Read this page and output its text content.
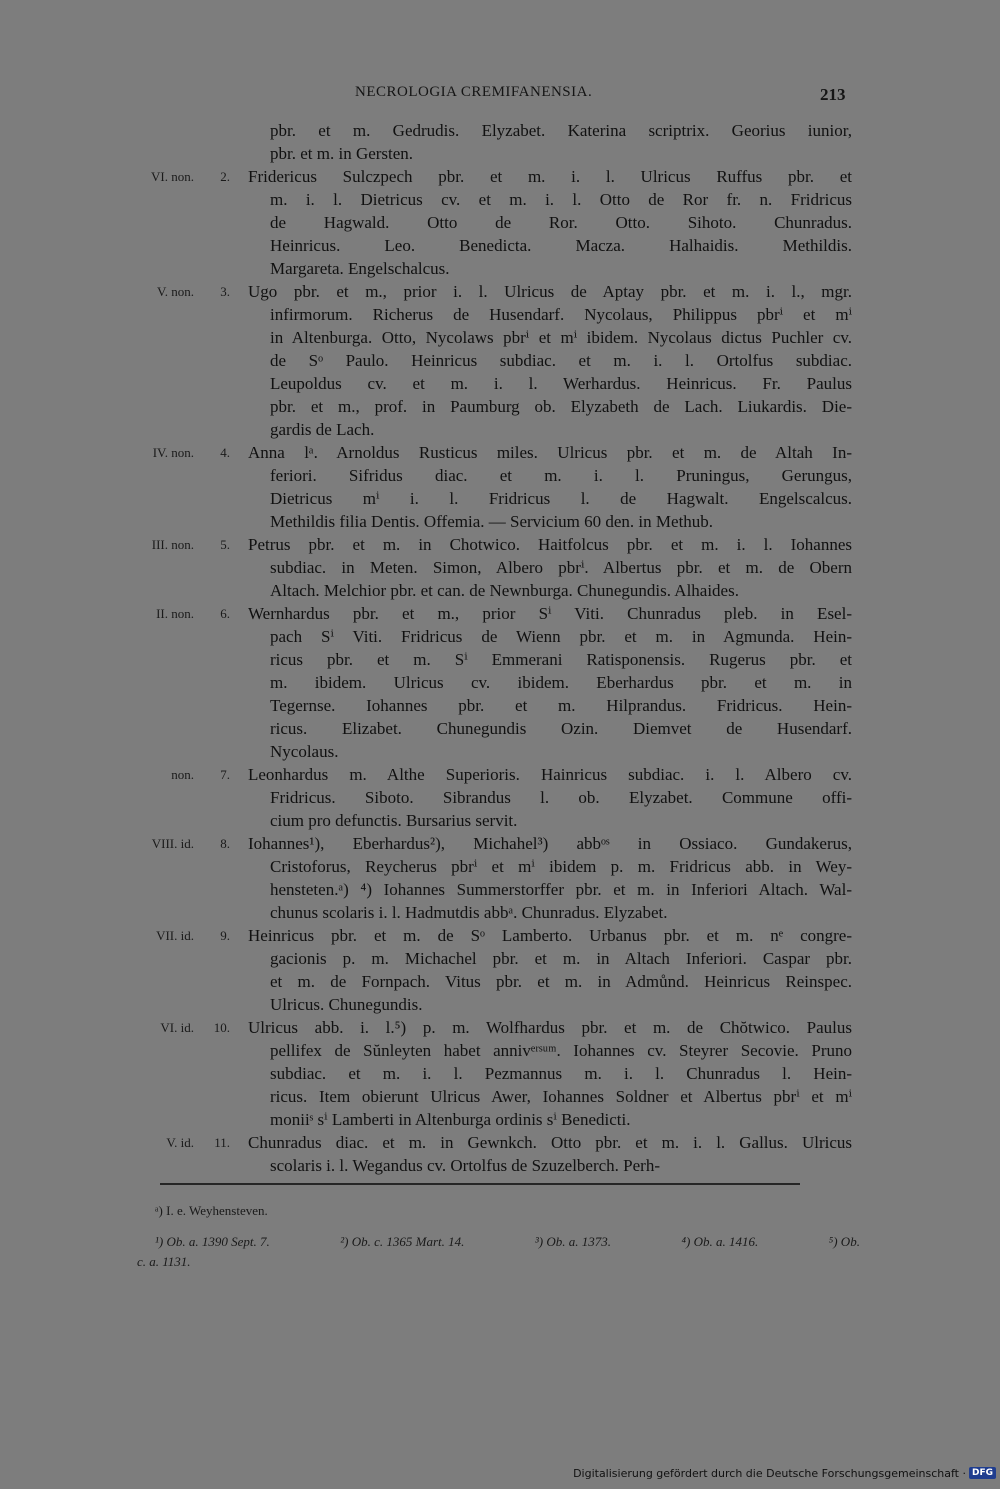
NECROLOGIA CREMIFANENSIA.	213
pbr. et m. Gedrudis. Elyzabet. Katerina scriptrix. Georius iunior,
pbr. et m. in Gersten.
VI. non.	2. Fridericus Sulczpech pbr. et m. i. l. Ulricus Ruffus pbr. et
m. i. l. Dietricus cv. et m. i. l. Otto de Ror fr. n. Fridricus
de Hagwald. Otto de Ror. Otto. Sihoto. Chunradus.
Heinricus. Leo. Benedicta. Macza. Halhaidis. Methildis.
Margareta. Engelschalcus.
V. non.	3. Ugo pbr. et m., prior i. l. Ulricus de Aptay pbr. et m. i. l., mgr.
infirmorum. Richerus de Husendarf. Nycolaus, Philippus pbrⁱ et mⁱ
in Altenburga. Otto, Nycolaws pbrⁱ et mⁱ ibidem. Nycolaus dictus Puchler cv.
de Sᵒ Paulo. Heinricus subdiac. et m. i. l. Ortolfus subdiac.
Leupoldus cv. et m. i. l. Werhardus. Heinricus. Fr. Paulus
pbr. et m., prof. in Paumburg ob. Elyzabeth de Lach. Liukardis. Die-
gardis de Lach.
IV. non.	4. Anna lᵃ. Arnoldus Rusticus miles. Ulricus pbr. et m. de Altah In-
feriori. Sifridus diac. et m. i. l. Pruningus, Gerungus,
Dietricus mⁱ i. l. Fridricus l. de Hagwalt. Engelscalcus.
Methildis filia Dentis. Offemia. — Servicium 60 den. in Methub.
III. non.	5. Petrus pbr. et m. in Chotwico. Haitfolcus pbr. et m. i. l. Iohannes
subdiac. in Meten. Simon, Albero pbrⁱ. Albertus pbr. et m. de Obern
Altach. Melchior pbr. et can. de Newnburga. Chunegundis. Alhaides.
II. non.	6. Wernhardus pbr. et m., prior Sⁱ Viti. Chunradus pleb. in Esel-
pach Sⁱ Viti. Fridricus de Wienn pbr. et m. in Agmunda. Hein-
ricus pbr. et m. Sⁱ Emmerani Ratisponensis. Rugerus pbr. et
m. ibidem. Ulricus cv. ibidem. Eberhardus pbr. et m. in
Tegernse. Iohannes pbr. et m. Hilprandus. Fridricus. Hein-
ricus. Elizabet. Chunegundis Ozin. Diemvet de Husendarf.
Nycolaus.
non.	7. Leonhardus m. Althe Superioris. Hainricus subdiac. i. l. Albero cv.
Fridricus. Siboto. Sibrandus l. ob. Elyzabet. Commune offi-
cium pro defunctis. Bursarius servit.
VIII. id.	8. Iohannes¹), Eberhardus²), Michahel³) abbᵒˢ in Ossiaco. Gundakerus,
Cristoforus, Reycherus pbrⁱ et mⁱ ibidem p. m. Fridricus abb. in Wey-
hensteten.ᵃ) ⁴) Iohannes Summerstorffer pbr. et m. in Inferiori Altach. Wal-
chunus scolaris i. l. Hadmutdis abbᵃ. Chunradus. Elyzabet.
VII. id.	9. Heinricus pbr. et m. de Sᵒ Lamberto. Urbanus pbr. et m. nᵉ congre-
gacionis p. m. Michachel pbr. et m. in Altach Inferiori. Caspar pbr.
et m. de Fornpach. Vitus pbr. et m. in Admůnd. Heinricus Reinspec.
Ulricus. Chunegundis.
VI. id.	10. Ulricus abb. i. l.⁵) p. m. Wolfhardus pbr. et m. de Chŏtwico. Paulus
pellifex de Sŭnleyten habet annivᵉʳˢᵘᵐ. Iohannes cv. Steyrer Secovie. Pruno
subdiac. et m. i. l. Pezmannus m. i. l. Chunradus l. Hein-
ricus. Item obierunt Ulricus Awer, Iohannes Soldner et Albertus pbrⁱ et mⁱ
moniiˢ sⁱ Lamberti in Altenburga ordinis sⁱ Benedicti.
V. id.	11. Chunradus diac. et m. in Gewnkch. Otto pbr. et m. i. l. Gallus. Ulricus
scolaris i. l. Wegandus cv. Ortolfus de Szuzelberch. Perh-
ᵃ) I. e. Weyhensteven.
¹) Ob. a. 1390 Sept. 7.	²) Ob. c. 1365 Mart. 14.	³) Ob. a. 1373.	⁴) Ob. a. 1416.	⁵) Ob.
c. a. 1131.
Digitalisierung gefördert durch die Deutsche Forschungsgemeinschaft · DFG
